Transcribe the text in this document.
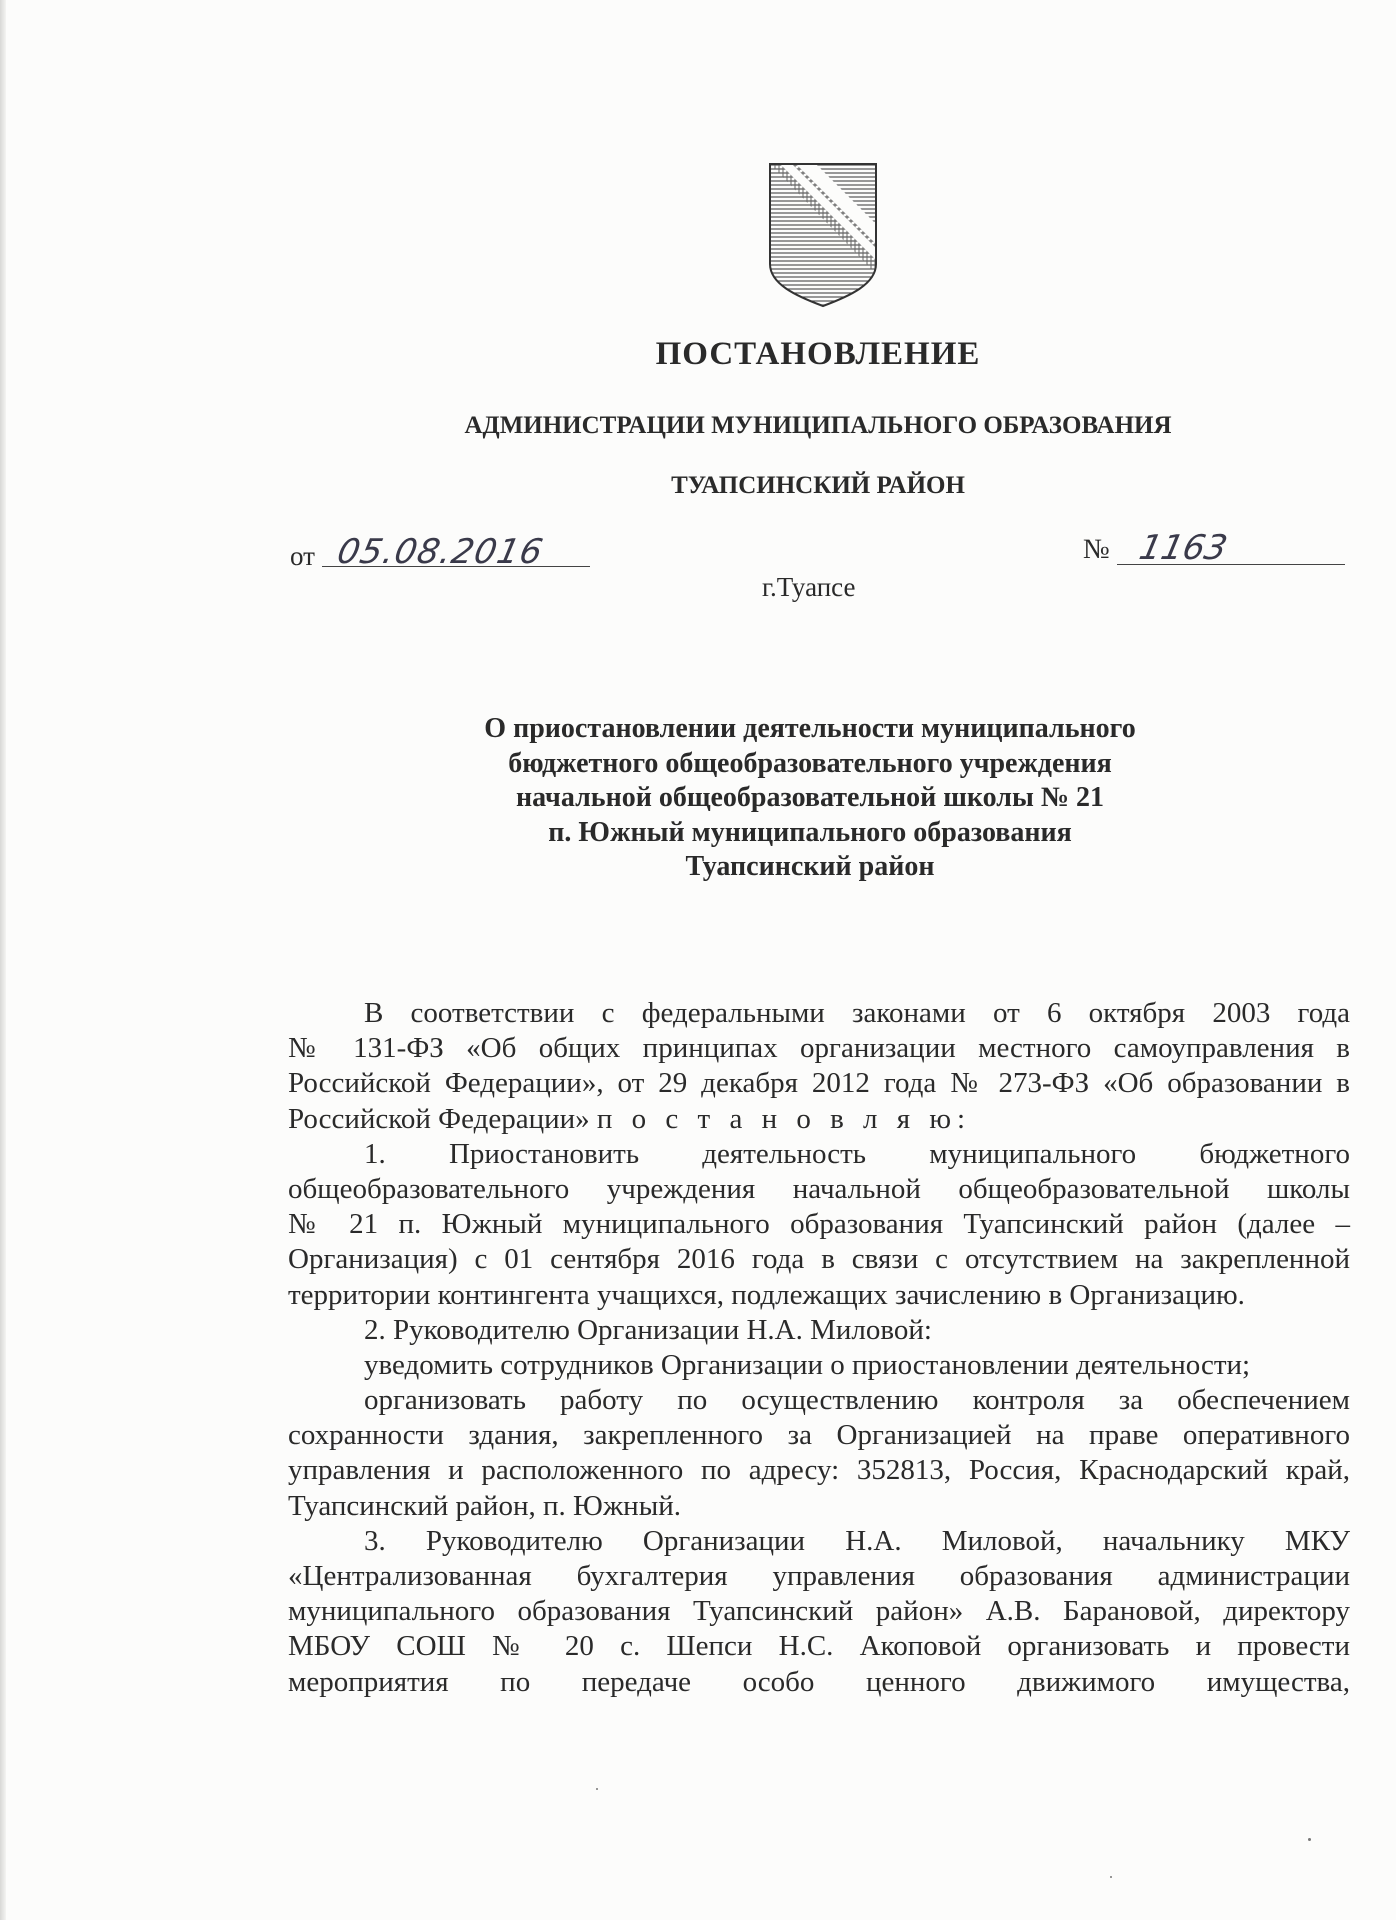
ПОСТАНОВЛЕНИЕ
АДМИНИСТРАЦИИ МУНИЦИПАЛЬНОГО ОБРАЗОВАНИЯ
ТУАПСИНСКИЙ РАЙОН
от 05.08.2016	№ 1163
г.Туапсе
О приостановлении деятельности муниципального
бюджетного общеобразовательного учреждения
начальной общеобразовательной школы № 21
п. Южный муниципального образования
Туапсинский район
В соответствии с федеральными законами от 6 октября 2003 года
№ 131-ФЗ «Об общих принципах организации местного самоуправления в
Российской Федерации», от 29 декабря 2012 года № 273-ФЗ «Об образовании в
Российской Федерации» п о с т а н о в л я ю:
1. Приостановить деятельность муниципального бюджетного
общеобразовательного учреждения начальной общеобразовательной школы
№ 21 п. Южный муниципального образования Туапсинский район (далее –
Организация) с 01 сентября 2016 года в связи с отсутствием на закрепленной
территории контингента учащихся, подлежащих зачислению в Организацию.
2. Руководителю Организации Н.А. Миловой:
уведомить сотрудников Организации о приостановлении деятельности;
организовать работу по осуществлению контроля за обеспечением
сохранности здания, закрепленного за Организацией на праве оперативного
управления и расположенного по адресу: 352813, Россия, Краснодарский край,
Туапсинский район, п. Южный.
3. Руководителю Организации Н.А. Миловой, начальнику МКУ
«Централизованная бухгалтерия управления образования администрации
муниципального образования Туапсинский район» А.В. Барановой, директору
МБОУ СОШ № 20 с. Шепси Н.С. Акоповой организовать и провести
мероприятия по передаче особо ценного движимого имущества,
